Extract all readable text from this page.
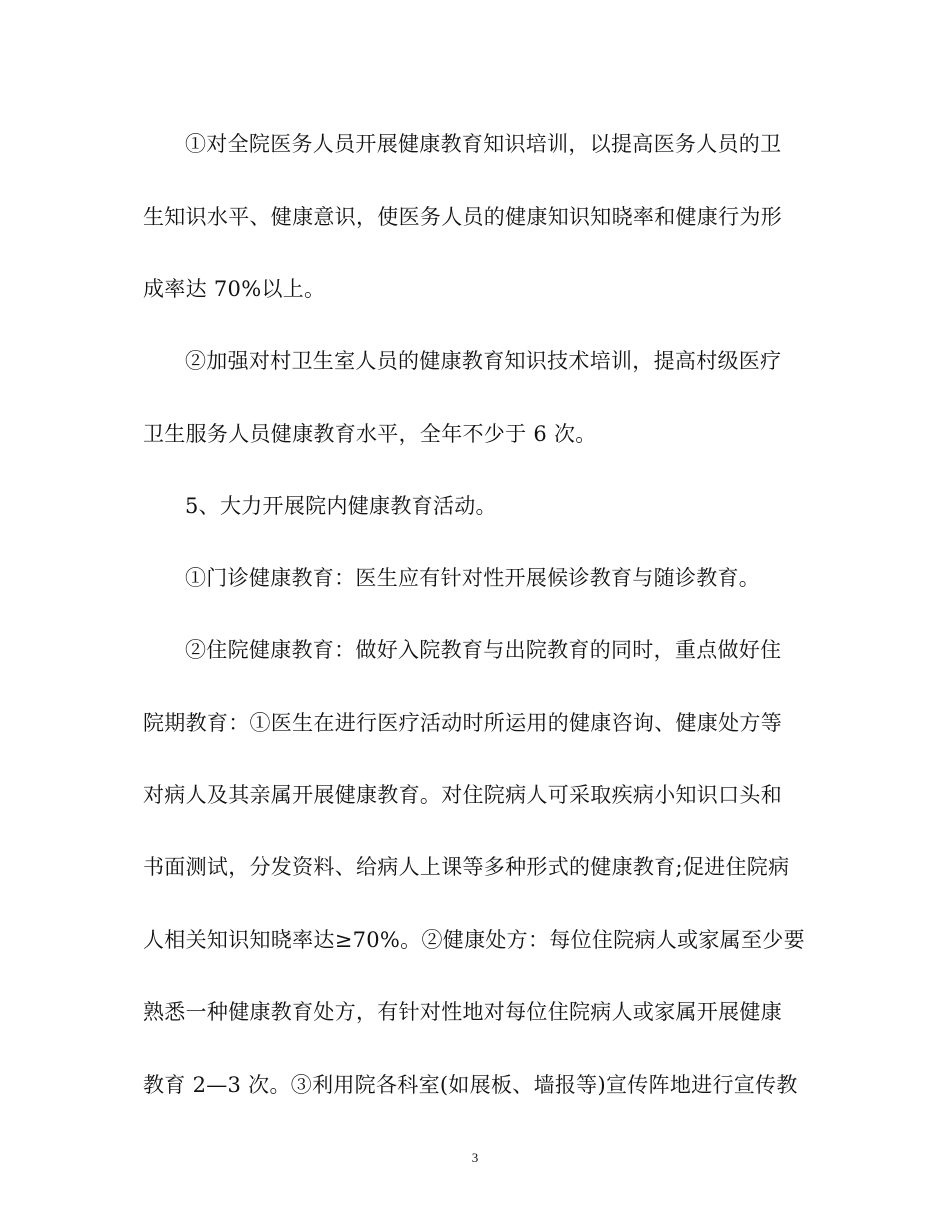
①对全院医务人员开展健康教育知识培训，以提高医务人员的卫
生知识水平、健康意识，使医务人员的健康知识知晓率和健康行为形
成率达 70%以上。
②加强对村卫生室人员的健康教育知识技术培训，提高村级医疗
卫生服务人员健康教育水平，全年不少于 6 次。
5、大力开展院内健康教育活动。
①门诊健康教育：医生应有针对性开展候诊教育与随诊教育。
②住院健康教育：做好入院教育与出院教育的同时，重点做好住
院期教育：①医生在进行医疗活动时所运用的健康咨询、健康处方等
对病人及其亲属开展健康教育。对住院病人可采取疾病小知识口头和
书面测试，分发资料、给病人上课等多种形式的健康教育;促进住院病
人相关知识知晓率达≥70%。②健康处方：每位住院病人或家属至少要
熟悉一种健康教育处方，有针对性地对每位住院病人或家属开展健康
教育 2—3 次。③利用院各科室(如展板、墙报等)宣传阵地进行宣传教
3
